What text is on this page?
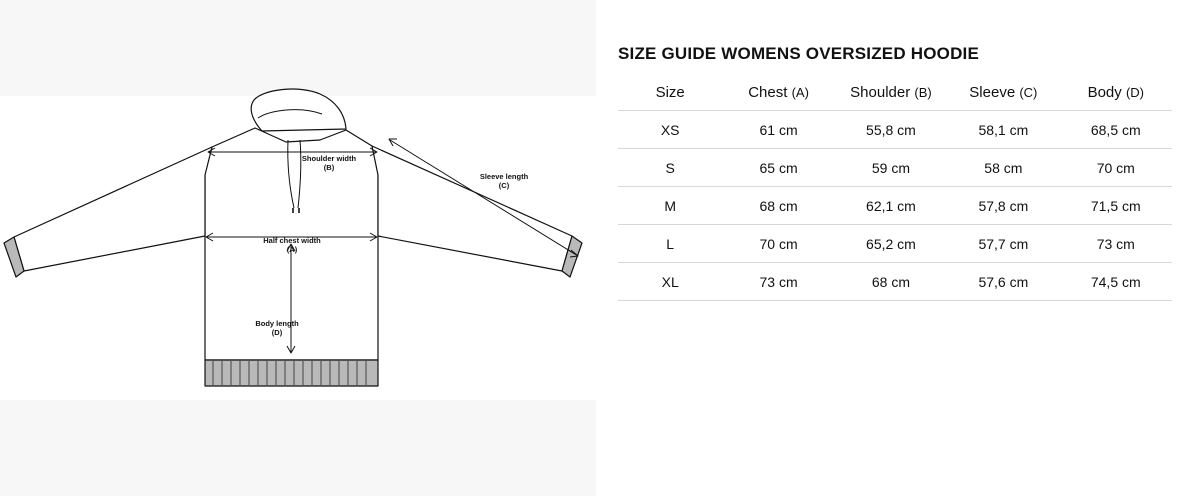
Shoulder width
(B)
Sleeve length
(C)
Half chest width
(A)
Body length
(D)
SIZE GUIDE WOMENS OVERSIZED HOODIE
Size	Chest (A)	Shoulder (B)	Sleeve (C)	Body (D)
XS	61 cm	55,8 cm	58,1 cm	68,5 cm
S	65 cm	59 cm	58 cm	70 cm
M	68 cm	62,1 cm	57,8 cm	71,5 cm
L	70 cm	65,2 cm	57,7 cm	73 cm
XL	73 cm	68 cm	57,6 cm	74,5 cm
